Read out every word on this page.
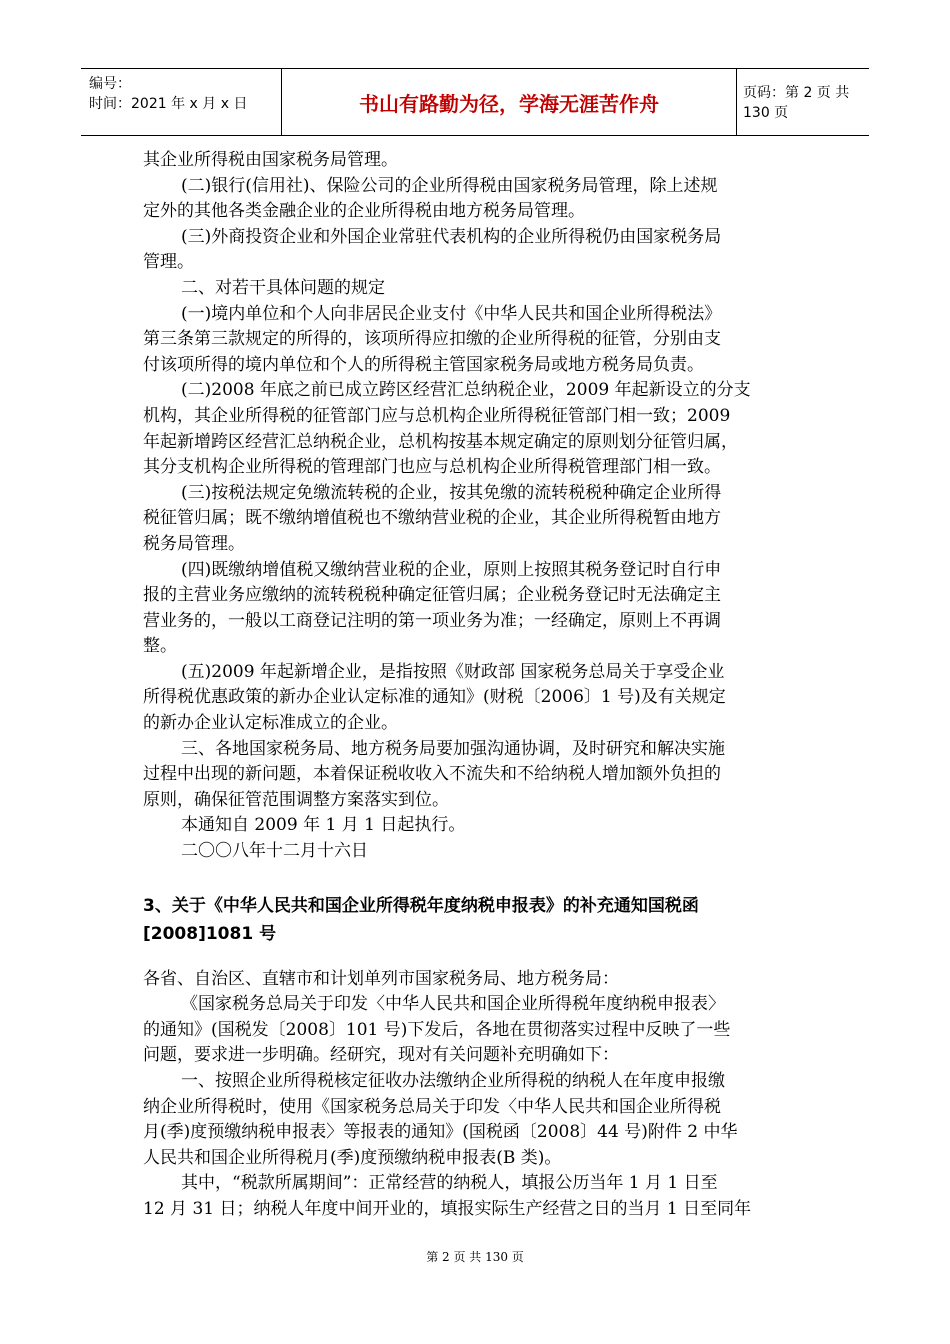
编号：
时间：2021 年 x 月 x 日	书山有路勤为径，学海无涯苦作舟	页码：第 2 页 共 130 页
其企业所得税由国家税务局管理。
(二)银行(信用社)、保险公司的企业所得税由国家税务局管理，除上述规
定外的其他各类金融企业的企业所得税由地方税务局管理。
(三)外商投资企业和外国企业常驻代表机构的企业所得税仍由国家税务局
管理。
二、对若干具体问题的规定
(一)境内单位和个人向非居民企业支付《中华人民共和国企业所得税法》
第三条第三款规定的所得的，该项所得应扣缴的企业所得税的征管，分别由支
付该项所得的境内单位和个人的所得税主管国家税务局或地方税务局负责。
(二)2008 年底之前已成立跨区经营汇总纳税企业，2009 年起新设立的分支
机构，其企业所得税的征管部门应与总机构企业所得税征管部门相一致；2009
年起新增跨区经营汇总纳税企业，总机构按基本规定确定的原则划分征管归属，
其分支机构企业所得税的管理部门也应与总机构企业所得税管理部门相一致。
(三)按税法规定免缴流转税的企业，按其免缴的流转税税种确定企业所得
税征管归属；既不缴纳增值税也不缴纳营业税的企业，其企业所得税暂由地方
税务局管理。
(四)既缴纳增值税又缴纳营业税的企业，原则上按照其税务登记时自行申
报的主营业务应缴纳的流转税税种确定征管归属；企业税务登记时无法确定主
营业务的，一般以工商登记注明的第一项业务为准；一经确定，原则上不再调
整。
(五)2009 年起新增企业，是指按照《财政部 国家税务总局关于享受企业
所得税优惠政策的新办企业认定标准的通知》(财税〔2006〕1 号)及有关规定
的新办企业认定标准成立的企业。
三、各地国家税务局、地方税务局要加强沟通协调，及时研究和解决实施
过程中出现的新问题，本着保证税收收入不流失和不给纳税人增加额外负担的
原则，确保征管范围调整方案落实到位。
本通知自 2009 年 1 月 1 日起执行。
二〇〇八年十二月十六日
3、关于《中华人民共和国企业所得税年度纳税申报表》的补充通知国税函
[2008]1081 号
各省、自治区、直辖市和计划单列市国家税务局、地方税务局：
《国家税务总局关于印发〈中华人民共和国企业所得税年度纳税申报表〉
的通知》(国税发〔2008〕101 号)下发后，各地在贯彻落实过程中反映了一些
问题，要求进一步明确。经研究，现对有关问题补充明确如下：
一、按照企业所得税核定征收办法缴纳企业所得税的纳税人在年度申报缴
纳企业所得税时，使用《国家税务总局关于印发〈中华人民共和国企业所得税
月(季)度预缴纳税申报表〉等报表的通知》(国税函〔2008〕44 号)附件 2 中华
人民共和国企业所得税月(季)度预缴纳税申报表(B 类)。
其中，“税款所属期间”：正常经营的纳税人，填报公历当年 1 月 1 日至
12 月 31 日；纳税人年度中间开业的，填报实际生产经营之日的当月 1 日至同年
第 2 页 共 130 页
